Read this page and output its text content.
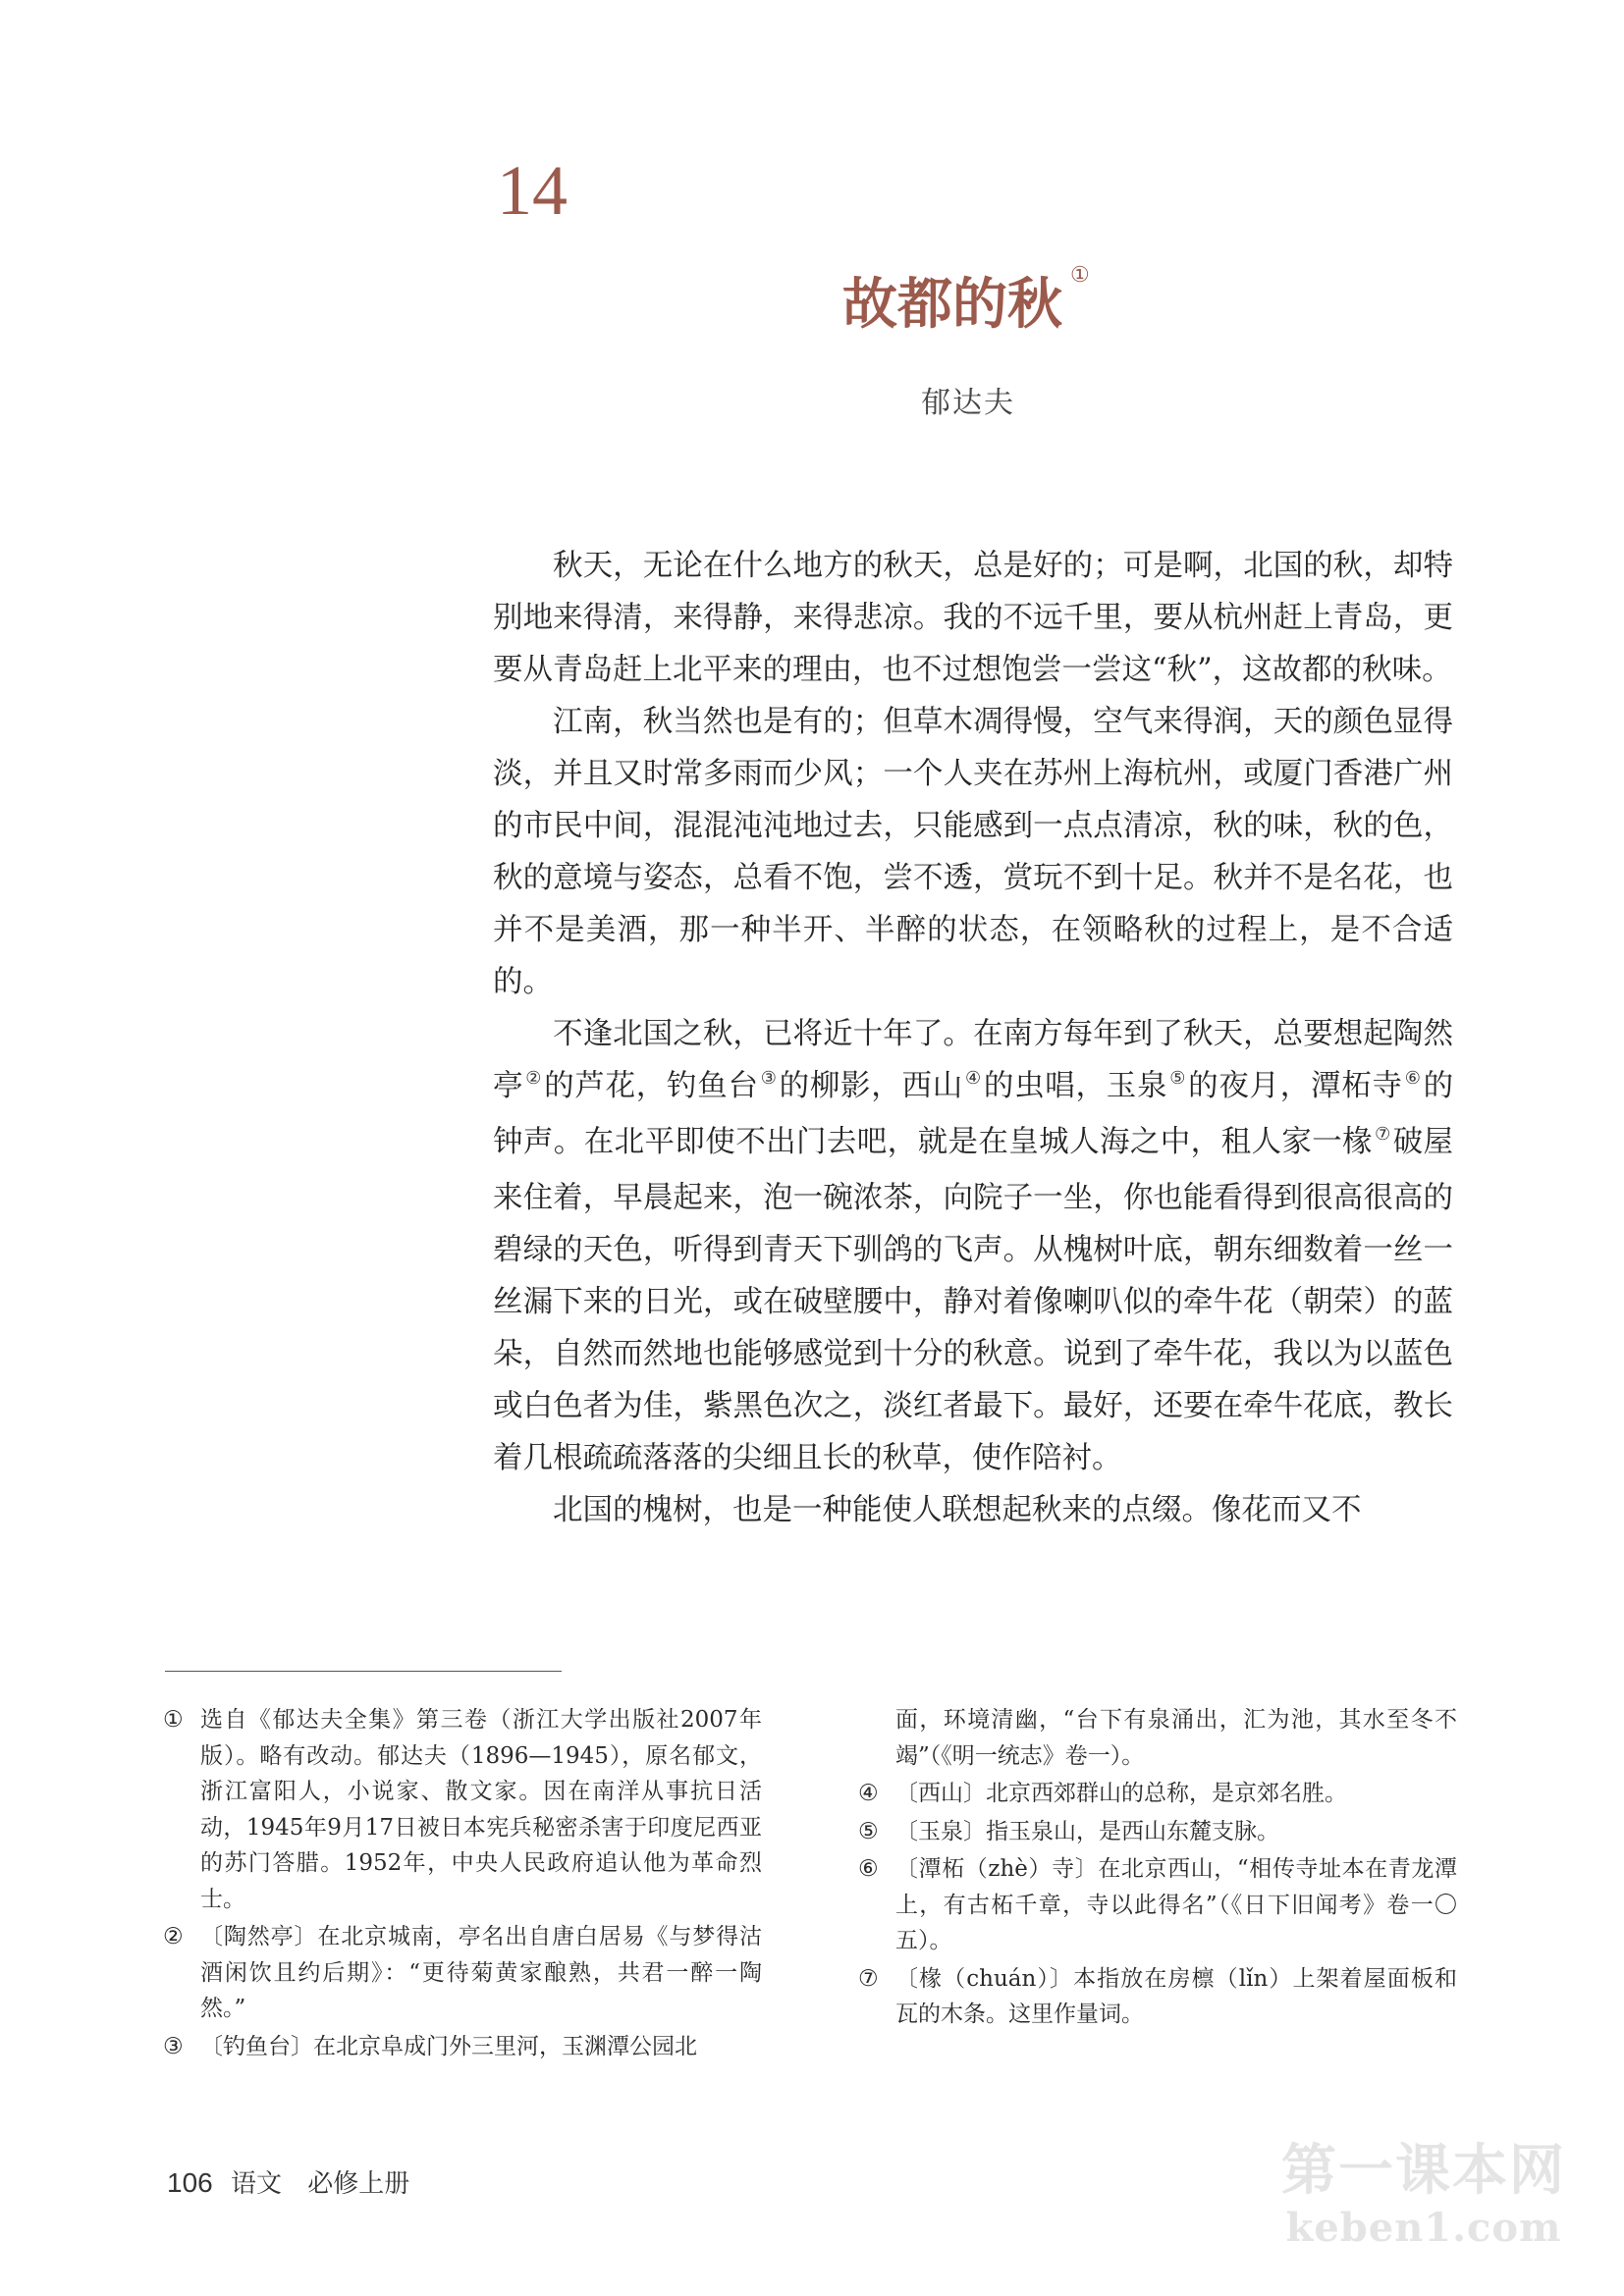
14
故都的秋 ①
郁达夫

秋天，无论在什么地方的秋天，总是好的；可是啊，北国的秋，却特别地来得清，来得静，来得悲凉。我的不远千里，要从杭州赶上青岛，更要从青岛赶上北平来的理由，也不过想饱尝一尝这“秋”，这故都的秋味。

江南，秋当然也是有的；但草木凋得慢，空气来得润，天的颜色显得淡，并且又时常多雨而少风；一个人夹在苏州上海杭州，或厦门香港广州的市民中间，混混沌沌地过去，只能感到一点点清凉，秋的味，秋的色，秋的意境与姿态，总看不饱，尝不透，赏玩不到十足。秋并不是名花，也并不是美酒，那一种半开、半醉的状态，在领略秋的过程上，是不合适的。

不逢北国之秋，已将近十年了。在南方每年到了秋天，总要想起陶然亭 ②的芦花，钓鱼台 ③的柳影，西山 ④的虫唱，玉泉 ⑤的夜月，潭柘寺 ⑥的钟声。在北平即使不出门去吧，就是在皇城人海之中，租人家一椽 ⑦破屋来住着，早晨起来，泡一碗浓茶，向院子一坐，你也能看得到很高很高的碧绿的天色，听得到青天下驯鸽的飞声。从槐树叶底，朝东细数着一丝一丝漏下来的日光，或在破壁腰中，静对着像喇叭似的牵牛花（朝荣）的蓝朵，自然而然地也能够感觉到十分的秋意。说到了牵牛花，我以为以蓝色或白色者为佳，紫黑色次之，淡红者最下。最好，还要在牵牛花底，教长着几根疏疏落落的尖细且长的秋草，使作陪衬。

北国的槐树，也是一种能使人联想起秋来的点缀。像花而又不

① 选自《郁达夫全集》第三卷（浙江大学出版社2007年版）。略有改动。郁达夫（1896—1945），原名郁文，浙江富阳人，小说家、散文家。因在南洋从事抗日活动，1945年9月17日被日本宪兵秘密杀害于印度尼西亚的苏门答腊。1952年，中央人民政府追认他为革命烈士。
② 〔陶然亭〕在北京城南，亭名出自唐白居易《与梦得沽酒闲饮且约后期》：“更待菊黄家酿熟，共君一醉一陶然。”
③ 〔钓鱼台〕在北京阜成门外三里河，玉渊潭公园北
面，环境清幽，“台下有泉涌出，汇为池，其水至冬不竭”（《明一统志》卷一）。
④ 〔西山〕北京西郊群山的总称，是京郊名胜。
⑤ 〔玉泉〕指玉泉山，是西山东麓支脉。
⑥ 〔潭柘（zhè）寺〕在北京西山，“相传寺址本在青龙潭上，有古柘千章，寺以此得名”（《日下旧闻考》卷一〇五）。
⑦ 〔椽（chuán）〕本指放在房檩（lǐn）上架着屋面板和瓦的木条。这里作量词。
106 语文 必修上册	第一课本网
keben1.com
